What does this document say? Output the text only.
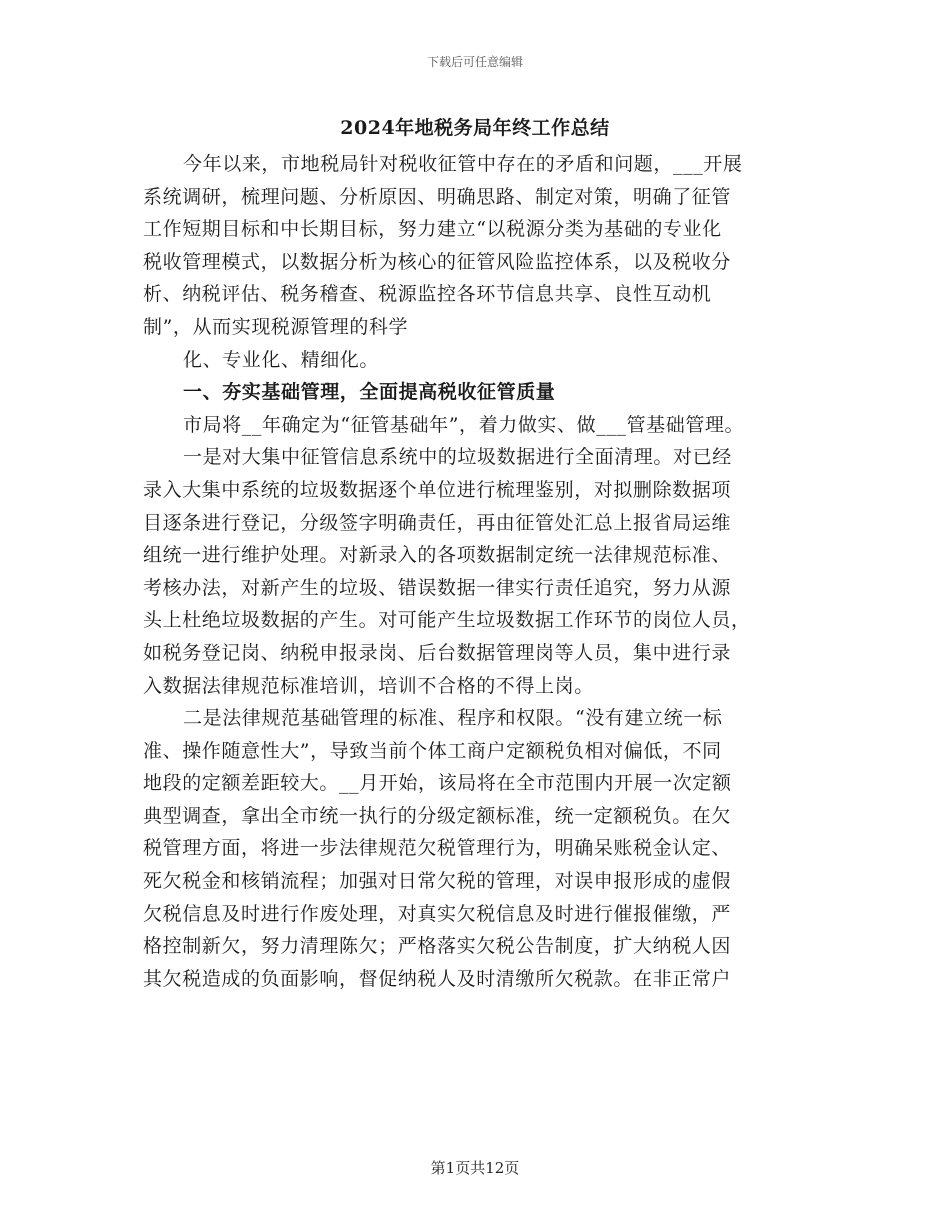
下载后可任意编辑
2024年地税务局年终工作总结
今年以来，市地税局针对税收征管中存在的矛盾和问题，___开展
系统调研，梳理问题、分析原因、明确思路、制定对策，明确了征管
工作短期目标和中长期目标，努力建立“以税源分类为基础的专业化
税收管理模式，以数据分析为核心的征管风险监控体系，以及税收分
析、纳税评估、税务稽查、税源监控各环节信息共享、良性互动机
制”，从而实现税源管理的科学
化、专业化、精细化。
一、夯实基础管理，全面提高税收征管质量
市局将__年确定为“征管基础年”，着力做实、做___管基础管理。
一是对大集中征管信息系统中的垃圾数据进行全面清理。对已经
录入大集中系统的垃圾数据逐个单位进行梳理鉴别，对拟删除数据项
目逐条进行登记，分级签字明确责任，再由征管处汇总上报省局运维
组统一进行维护处理。对新录入的各项数据制定统一法律规范标准、
考核办法，对新产生的垃圾、错误数据一律实行责任追究，努力从源
头上杜绝垃圾数据的产生。对可能产生垃圾数据工作环节的岗位人员，
如税务登记岗、纳税申报录岗、后台数据管理岗等人员，集中进行录
入数据法律规范标准培训，培训不合格的不得上岗。
二是法律规范基础管理的标准、程序和权限。“没有建立统一标
准、操作随意性大”，导致当前个体工商户定额税负相对偏低，不同
地段的定额差距较大。__月开始，该局将在全市范围内开展一次定额
典型调查，拿出全市统一执行的分级定额标准，统一定额税负。在欠
税管理方面，将进一步法律规范欠税管理行为，明确呆账税金认定、
死欠税金和核销流程；加强对日常欠税的管理，对误申报形成的虚假
欠税信息及时进行作废处理，对真实欠税信息及时进行催报催缴，严
格控制新欠，努力清理陈欠；严格落实欠税公告制度，扩大纳税人因
其欠税造成的负面影响，督促纳税人及时清缴所欠税款。在非正常户
第1页共12页
